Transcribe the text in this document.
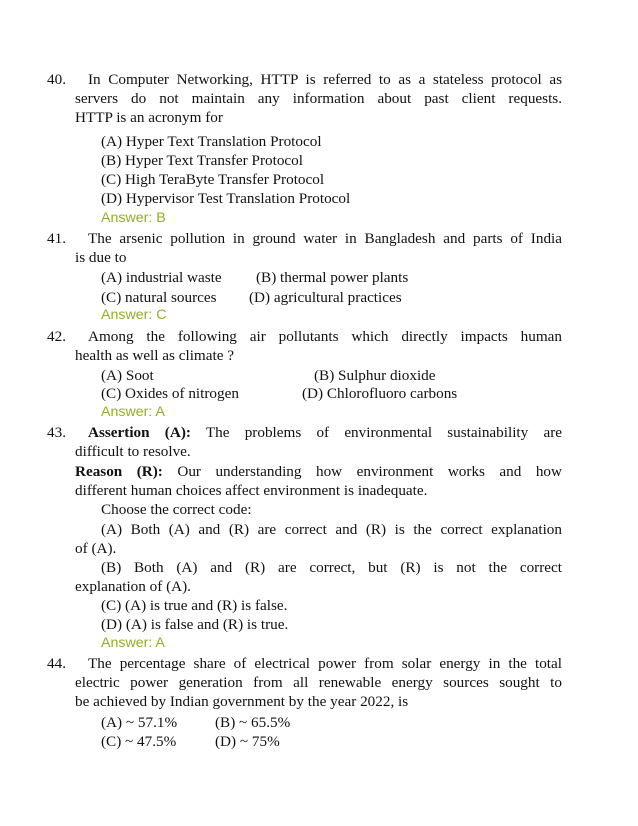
40. In Computer Networking, HTTP is referred to as a stateless protocol as
servers do not maintain any information about past client requests.
HTTP is an acronym for
(A) Hyper Text Translation Protocol
(B) Hyper Text Transfer Protocol
(C) High TeraByte Transfer Protocol
(D) Hypervisor Test Translation Protocol
Answer: B
41. The arsenic pollution in ground water in Bangladesh and parts of India
is due to
(A) industrial waste (B) thermal power plants
(C) natural sources (D) agricultural practices
Answer: C
42. Among the following air pollutants which directly impacts human
health as well as climate ?
(A) Soot	(B) Sulphur dioxide
(C) Oxides of nitrogen	(D) Chlorofluoro carbons
Answer: A
43. Assertion (A): The problems of environmental sustainability are
difficult to resolve.
Reason (R): Our understanding how environment works and how
different human choices affect environment is inadequate.
Choose the correct code:
(A) Both (A) and (R) are correct and (R) is the correct explanation
of (A).
(B) Both (A) and (R) are correct, but (R) is not the correct
explanation of (A).
(C) (A) is true and (R) is false.
(D) (A) is false and (R) is true.
Answer: A
44. The percentage share of electrical power from solar energy in the total
electric power generation from all renewable energy sources sought to
be achieved by Indian government by the year 2022, is
(A) ~ 57.1% (B) ~ 65.5%
(C) ~ 47.5%	(D) ~ 75%
